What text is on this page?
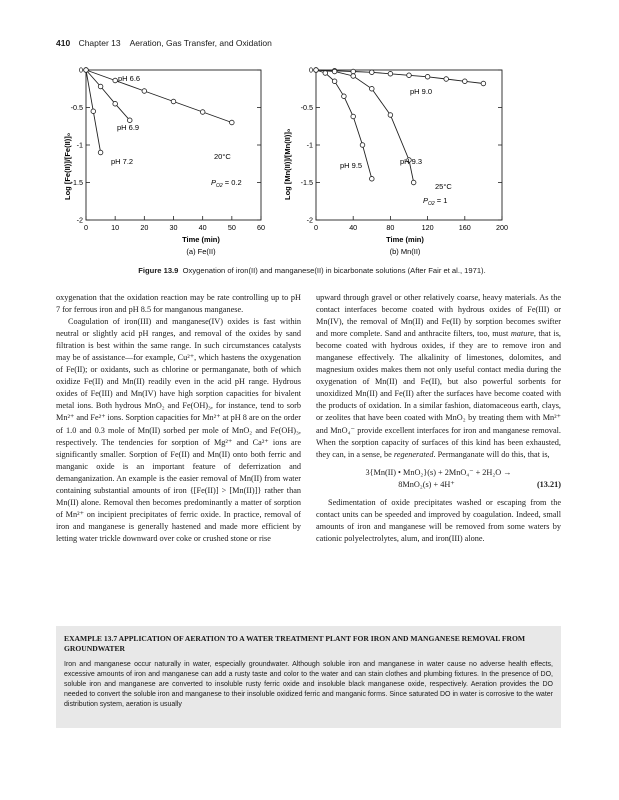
410 Chapter 13 Aeration, Gas Transfer, and Oxidation
0	10	20	30	40	50	60
0
-0.5
-1
-1.5
-2
pH 7.2
pH 6.9
pH 6.6
Log [Fe(II)]/[Fe(II)]₀
Time (min)
(a) Fe(II)
20°C
$P_{O2} = 0.2$
0	40	80	120	160	200
0
-0.5
-1
-1.5
-2
pH 9.0
pH 9.3
pH 9.5
Log [Mn(II)]/[Mn(II)]₀
Time (min)
(b) Mn(II)
25°C
$P_{O2} = 1$
Figure 13.9 Oxygenation of iron(II) and manganese(II) in bicarbonate solutions (After Fair et al., 1971).

oxygenation that the oxidation reaction may be rate controlling up to pH 7 for ferrous iron and pH 8.5 for manganous manganese.

Coagulation of iron(III) and manganese(IV) oxides is fast within neutral or slightly acid pH ranges, and removal of the oxides by sand filtration is best within the same range. In such circumstances catalysts may be of assistance—for example, Cu²⁺, which hastens the oxygenation of Fe(II); or oxidants, such as chlorine or permanganate, both of which oxidize Fe(II) and Mn(II) readily even in the acid pH range. Hydrous oxides of Fe(III) and Mn(IV) have high sorption capacities for bivalent metal ions. Both hydrous MnO₂ and Fe(OH)₃, for instance, tend to sorb Mn²⁺ and Fe²⁺ ions. Sorption capacities for Mn²⁺ at pH 8 are on the order of 1.0 and 0.3 mole of Mn(II) sorbed per mole of MnO₂ and Fe(OH)₃, respectively. The tendencies for sorption of Mg²⁺ and Ca²⁺ ions are significantly smaller. Sorption of Fe(II) and Mn(II) onto both ferric and manganic oxide is an important feature of deferrization and demanganization. An example is the easier removal of Mn(II) from water containing substantial amounts of iron {[Fe(II)] > [Mn(II)]} rather than Mn(II) alone. Removal then becomes predominantly a matter of sorption of Mn²⁺ on incipient precipitates of ferric oxide. In practice, removal of iron and manganese is generally hastened and made more efficient by letting water trickle downward over coke or crushed stone or rise

upward through gravel or other relatively coarse, heavy materials. As the contact interfaces become coated with hydrous oxides of Fe(III) or Mn(IV), the removal of Mn(II) and Fe(II) by sorption becomes swifter and more complete. Sand and anthracite filters, too, must mature, that is, become coated with hydrous oxides, if they are to remove iron and manganese effectively. The alkalinity of limestones, dolomites, and magnesium oxides makes them not only useful contact media during the oxygenation of Mn(II) and Fe(II), but also powerful sorbents for unoxidized Mn(II) and Fe(II) after the surfaces have become coated with the products of oxidation. In a similar fashion, diatomaceous earth, clays, or zeolites that have been coated with MnO₂ by treating them with Mn²⁺ and MnO₄⁻ provide excellent interfaces for iron and manganese removal. When the sorption capacity of surfaces of this kind has been exhausted, they can, in a sense, be regenerated. Permanganate will do this, that is,

3{Mn(II) • MnO₂}(s) + 2MnO₄⁻ + 2H₂O →
8MnO₂(s) + 4H⁺	(13.21)

Sedimentation of oxide precipitates washed or escaping from the contact units can be speeded and improved by coagulation. Indeed, small amounts of iron and manganese will be removed from some waters by cationic polyelectrolytes, alum, and iron(III) alone.

EXAMPLE 13.7 APPLICATION OF AERATION TO A WATER TREATMENT PLANT FOR IRON AND MANGANESE REMOVAL FROM GROUNDWATER
Iron and manganese occur naturally in water, especially groundwater. Although soluble iron and manganese in water cause no adverse health effects, excessive amounts of iron and manganese can add a rusty taste and color to the water and can stain clothes and plumbing fixtures. In the presence of DO, soluble iron and manganese are converted to insoluble rusty ferric oxide and insoluble black manganese oxide, respectively. Aeration provides the DO needed to convert the soluble iron and manganese to their insoluble oxidized ferric and manganic forms. Since saturated DO in water is corrosive to the water distribution system, aeration is usually
